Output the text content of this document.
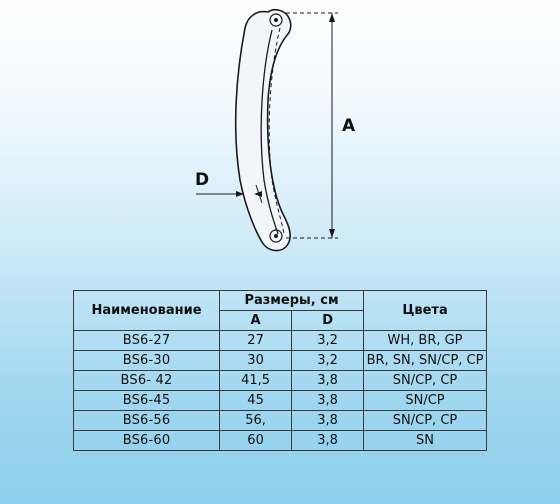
A
D
Наименование	Размеры, см		Цвета
	A	D	
BS6-27	27	3,2	WH, BR, GP
BS6-30	30	3,2	BR, SN, SN/CP, CP
BS6- 42	41,5	3,8	SN/CP, CP
BS6-45	45	3,8	SN/CP
BS6-56	56,	3,8	SN/CP, CP
BS6-60	60	3,8	SN
